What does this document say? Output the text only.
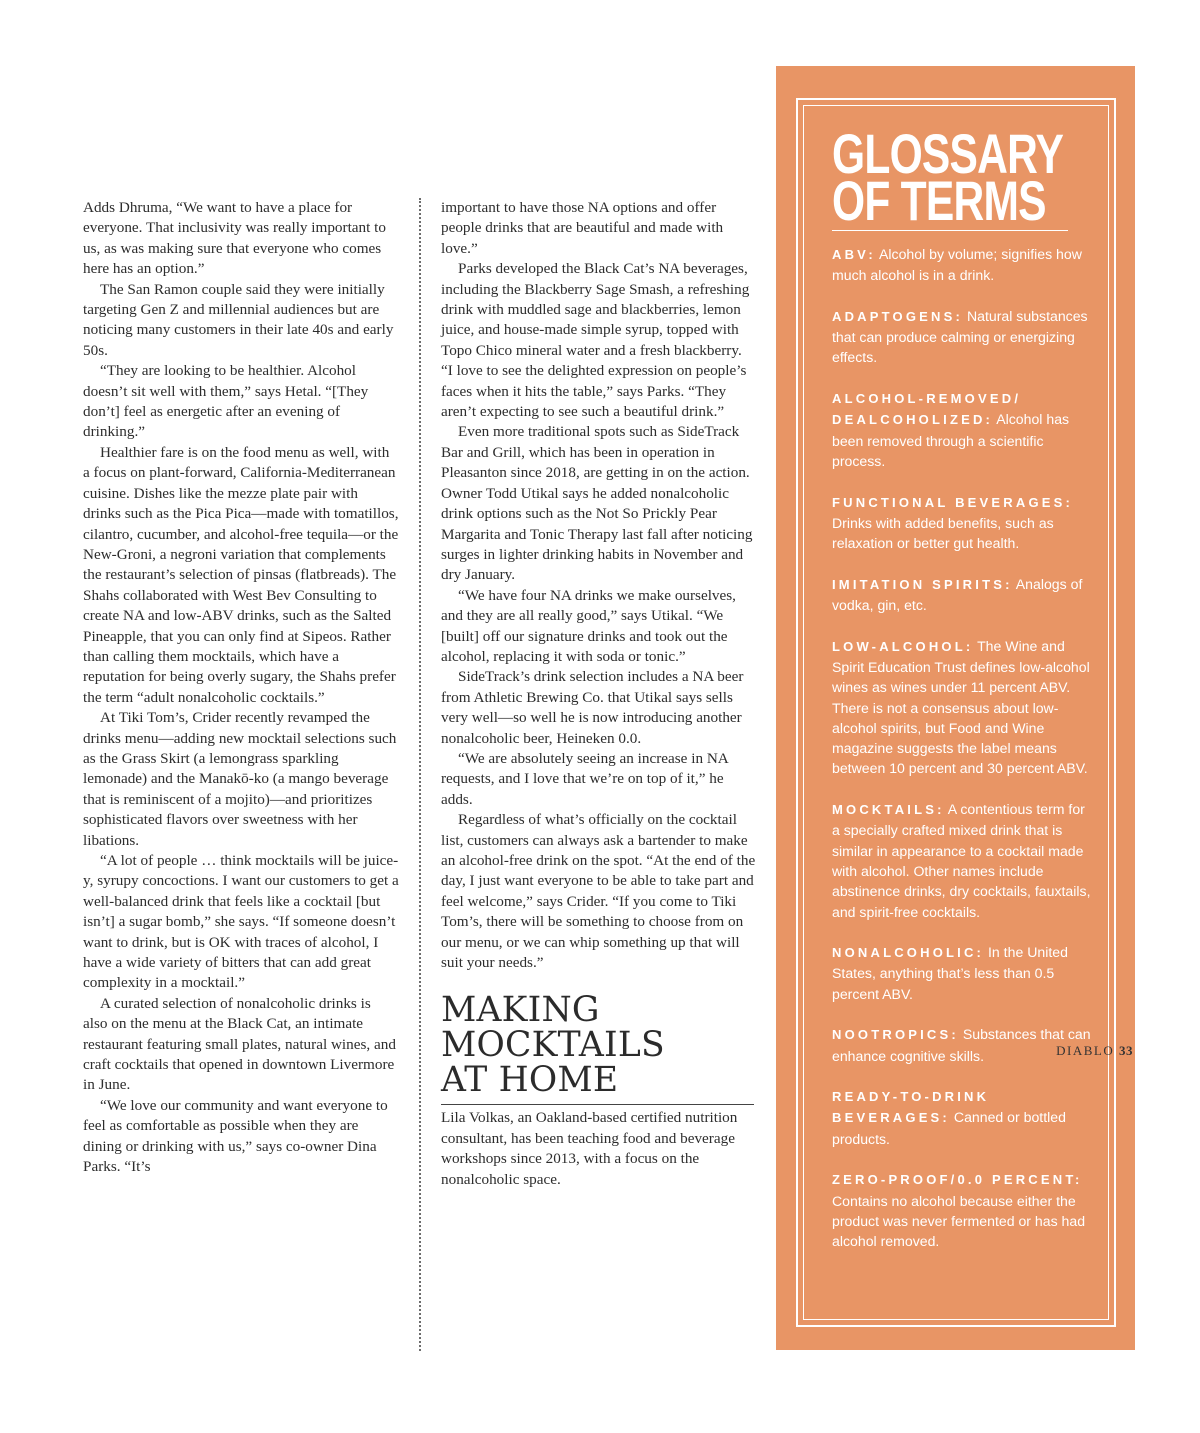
Adds Dhruma, “We want to have a place for everyone. That inclusivity was really important to us, as was making sure that everyone who comes here has an option.”

The San Ramon couple said they were initially targeting Gen Z and millennial audiences but are noticing many customers in their late 40s and early 50s.

“They are looking to be healthier. Alcohol doesn’t sit well with them,” says Hetal. “[They don’t] feel as energetic after an evening of drinking.”

Healthier fare is on the food menu as well, with a focus on plant-forward, California-Mediterranean cuisine. Dishes like the mezze plate pair with drinks such as the Pica Pica—made with tomatillos, cilantro, cucumber, and alcohol-free tequila—or the New-Groni, a negroni variation that complements the restaurant’s selection of pinsas (flatbreads). The Shahs collaborated with West Bev Consulting to create NA and low-ABV drinks, such as the Salted Pineapple, that you can only find at Sipeos. Rather than calling them mocktails, which have a reputation for being overly sugary, the Shahs prefer the term “adult nonalcoholic cocktails.”

At Tiki Tom’s, Crider recently revamped the drinks menu—adding new mocktail selections such as the Grass Skirt (a lemongrass sparkling lemonade) and the Manakō-ko (a mango beverage that is reminiscent of a mojito)—and prioritizes sophisticated flavors over sweetness with her libations.

“A lot of people … think mocktails will be juice-y, syrupy concoctions. I want our customers to get a well-balanced drink that feels like a cocktail [but isn’t] a sugar bomb,” she says. “If someone doesn’t want to drink, but is OK with traces of alcohol, I have a wide variety of bitters that can add great complexity in a mocktail.”

A curated selection of nonalcoholic drinks is also on the menu at the Black Cat, an intimate restaurant featuring small plates, natural wines, and craft cocktails that opened in downtown Livermore in June.

“We love our community and want everyone to feel as comfortable as possible when they are dining or drinking with us,” says co-owner Dina Parks. “It’s

important to have those NA options and offer people drinks that are beautiful and made with love.”

Parks developed the Black Cat’s NA beverages, including the Blackberry Sage Smash, a refreshing drink with muddled sage and blackberries, lemon juice, and house-made simple syrup, topped with Topo Chico mineral water and a fresh blackberry. “I love to see the delighted expression on people’s faces when it hits the table,” says Parks. “They aren’t expecting to see such a beautiful drink.”

Even more traditional spots such as SideTrack Bar and Grill, which has been in operation in Pleasanton since 2018, are getting in on the action. Owner Todd Utikal says he added nonalcoholic drink options such as the Not So Prickly Pear Margarita and Tonic Therapy last fall after noticing surges in lighter drinking habits in November and dry January.

“We have four NA drinks we make ourselves, and they are all really good,” says Utikal. “We [built] off our signature drinks and took out the alcohol, replacing it with soda or tonic.”

SideTrack’s drink selection includes a NA beer from Athletic Brewing Co. that Utikal says sells very well—so well he is now introducing another nonalcoholic beer, Heineken 0.0.

“We are absolutely seeing an increase in NA requests, and I love that we’re on top of it,” he adds.

Regardless of what’s officially on the cocktail list, customers can always ask a bartender to make an alcohol-free drink on the spot. “At the end of the day, I just want everyone to be able to take part and feel welcome,” says Crider. “If you come to Tiki Tom’s, there will be something to choose from on our menu, or we can whip something up that will suit your needs.”

MAKING
MOCKTAILS
AT HOME

Lila Volkas, an Oakland-based certified nutrition consultant, has been teaching food and beverage workshops since 2013, with a focus on the nonalcoholic space.

GLOSSARY
OF TERMS
ABV: Alcohol by volume; signifies how much alcohol is in a drink.
ADAPTOGENS: Natural substances that can produce calming or energizing effects.
ALCOHOL-REMOVED/ DEALCOHOLIZED: Alcohol has been removed through a scientific process.
FUNCTIONAL BEVERAGES: Drinks with added benefits, such as relaxation or better gut health.
IMITATION SPIRITS: Analogs of vodka, gin, etc.
LOW-ALCOHOL: The Wine and Spirit Education Trust defines low-alcohol wines as wines under 11 percent ABV. There is not a consensus about low-alcohol spirits, but Food and Wine magazine suggests the label means between 10 percent and 30 percent ABV.
MOCKTAILS: A contentious term for a specially crafted mixed drink that is similar in appearance to a cocktail made with alcohol. Other names include abstinence drinks, dry cocktails, fauxtails, and spirit-free cocktails.
NONALCOHOLIC: In the United States, anything that’s less than 0.5 percent ABV.
NOOTROPICS: Substances that can enhance cognitive skills.
READY-TO-DRINK BEVERAGES: Canned or bottled products.
ZERO-PROOF/0.0 PERCENT: Contains no alcohol because either the product was never fermented or has had alcohol removed.
DIABLO 33
